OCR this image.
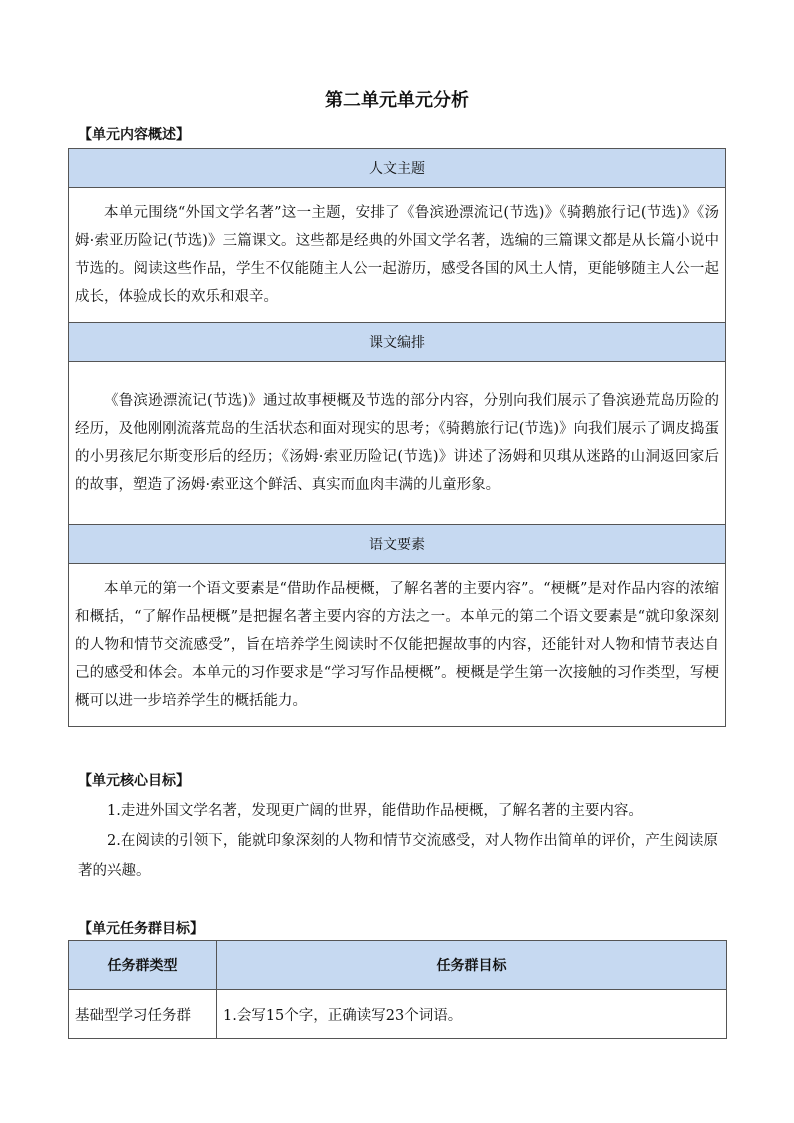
第二单元单元分析
【单元内容概述】
人文主题
本单元围绕“外国文学名著”这一主题，安排了《鲁滨逊漂流记(节选)》《骑鹅旅行记(节选)》《汤姆·索亚历险记(节选)》三篇课文。这些都是经典的外国文学名著，选编的三篇课文都是从长篇小说中节选的。阅读这些作品，学生不仅能随主人公一起游历，感受各国的风土人情，更能够随主人公一起成长，体验成长的欢乐和艰辛。
课文编排
《鲁滨逊漂流记(节选)》通过故事梗概及节选的部分内容，分别向我们展示了鲁滨逊荒岛历险的经历，及他刚刚流落荒岛的生活状态和面对现实的思考；《骑鹅旅行记(节选)》向我们展示了调皮捣蛋的小男孩尼尔斯变形后的经历；《汤姆·索亚历险记(节选)》讲述了汤姆和贝琪从迷路的山洞返回家后的故事，塑造了汤姆·索亚这个鲜活、真实而血肉丰满的儿童形象。
语文要素
本单元的第一个语文要素是“借助作品梗概，了解名著的主要内容”。“梗概”是对作品内容的浓缩和概括，“了解作品梗概”是把握名著主要内容的方法之一。本单元的第二个语文要素是“就印象深刻的人物和情节交流感受”，旨在培养学生阅读时不仅能把握故事的内容，还能针对人物和情节表达自己的感受和体会。本单元的习作要求是“学习写作品梗概”。梗概是学生第一次接触的习作类型，写梗概可以进一步培养学生的概括能力。
【单元核心目标】

1.走进外国文学名著，发现更广阔的世界，能借助作品梗概，了解名著的主要内容。

2.在阅读的引领下，能就印象深刻的人物和情节交流感受，对人物作出简单的评价，产生阅读原著的兴趣。

【单元任务群目标】
任务群类型	任务群目标
基础型学习任务群	1.会写15个字，正确读写23个词语。
